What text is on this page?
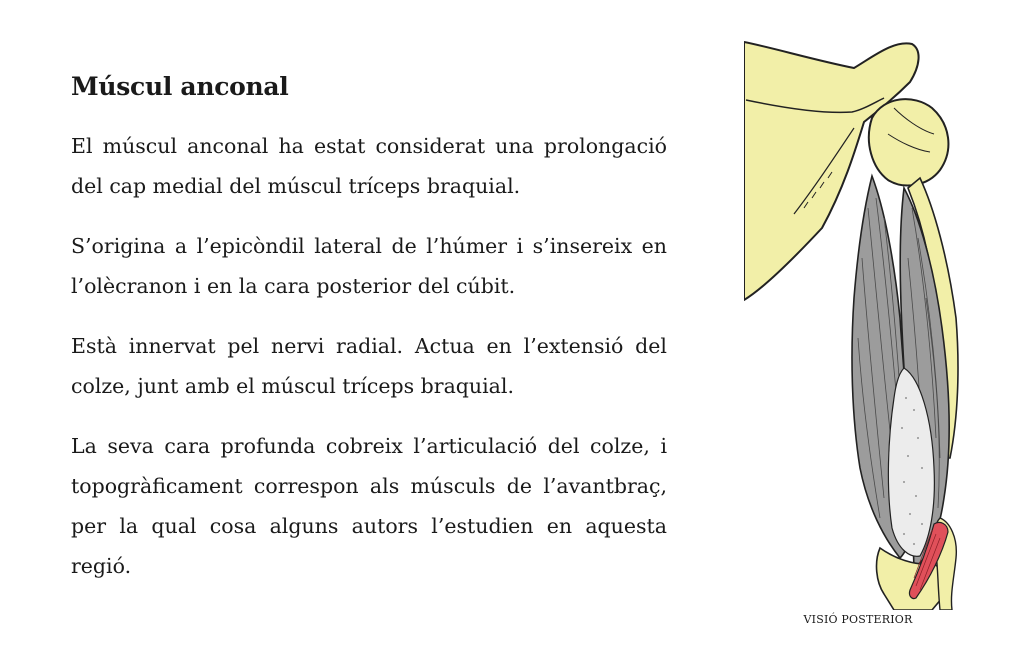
Múscul anconal

El múscul anconal ha estat considerat una prolongació del cap medial del múscul tríceps braquial.

S’origina a l’epicòndil lateral de l’húmer i s’insereix en l’olècranon i en la cara posterior del cúbit.

Està innervat pel nervi radial. Actua en l’extensió del colze, junt amb el múscul tríceps braquial.

La seva cara profunda cobreix l’articulació del colze, i topogràficament correspon als músculs de l’avantbraç, per la qual cosa alguns autors l’estudien en aquesta regió.

VISIÓ POSTERIOR
